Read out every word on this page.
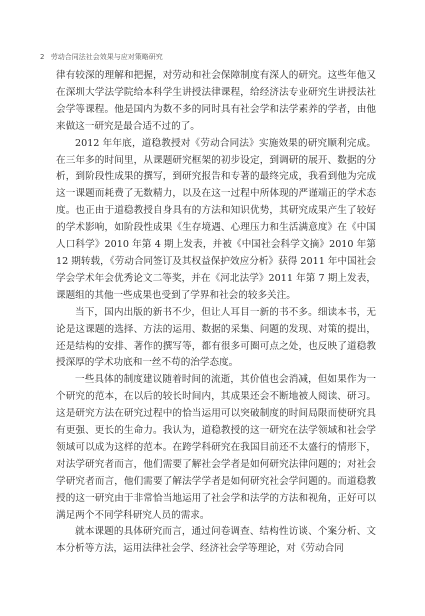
2 劳动合同法社会效果与应对策略研究

律有较深的理解和把握，对劳动和社会保障制度有深人的研究。这些年他又在深圳大学法学院给本科学生讲授法律课程，给经济法专业研究生讲授法社会学等课程。他是国内为数不多的同时具有社会学和法学素养的学者，由他来做这一研究是最合适不过的了。

2012 年年底，道稳教授对《劳动合同法》实施效果的研究顺利完成。在三年多的时间里，从课题研究框架的初步设定，到调研的展开、数据的分析，到阶段性成果的撰写，到研究报告和专著的最终完成，我看到他为完成这一课题而耗费了无数精力，以及在这一过程中所体现的严谨端正的学术态度。也正由于道稳教授自身具有的方法和知识优势，其研究成果产生了较好的学术影响，如阶段性成果《生存境遇、心理压力和生活满意度》在《中国人口科学》2010 年第 4 期上发表，并被《中国社会科学文摘》2010 年第 12 期转载，《劳动合同签订及其权益保护效应分析》获得 2011 年中国社会学会学术年会优秀论文二等奖，并在《河北法学》2011 年第 7 期上发表，课题组的其他一些成果也受到了学界和社会的较多关注。

当下，国内出版的新书不少，但让人耳目一新的书不多。细读本书，无论是这课题的选择、方法的运用、数据的采集、问题的发现、对策的提出，还是结构的安排、著作的撰写等，都有很多可圈可点之处，也反映了道稳教授深厚的学术功底和一丝不苟的治学态度。

一些具体的制度建议随着时间的流逝，其价值也会消减，但如果作为一个研究的范本，在以后的较长时间内，其成果还会不断地被人阅读、研习。这是研究方法在研究过程中的恰当运用可以突破制度的时间局限而使研究具有更强、更长的生命力。我认为，道稳教授的这一研究在法学领域和社会学领域可以成为这样的范本。在跨学科研究在我国目前还不太盛行的情形下，对法学研究者而言，他们需要了解社会学者是如何研究法律问题的；对社会学研究者而言，他们需要了解法学学者是如何研究社会学问题的。而道稳教授的这一研究由于非常恰当地运用了社会学和法学的方法和视角，正好可以满足两个不同学科研究人员的需求。

就本课题的具体研究而言，通过问卷调查、结构性访谈、个案分析、文本分析等方法，运用法律社会学、经济社会学等理论，对《劳动合同
